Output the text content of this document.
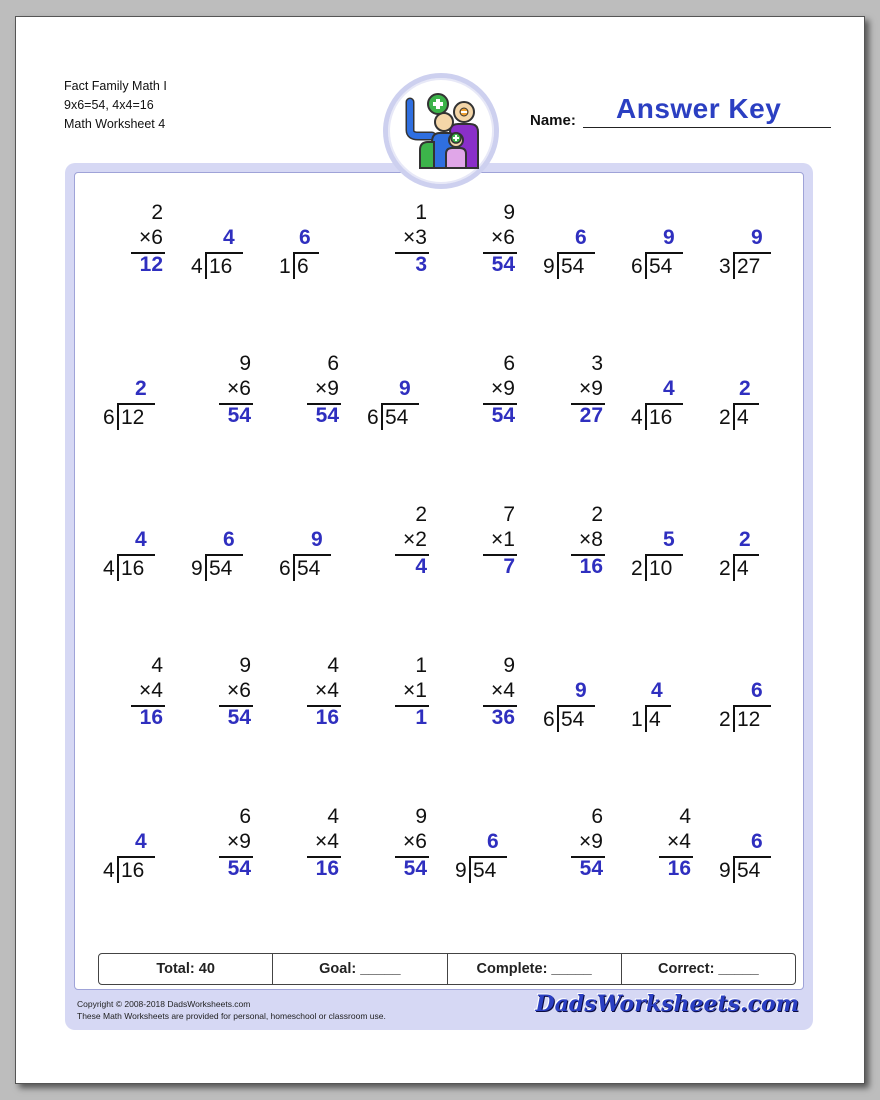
Fact Family Math I
9x6=54, 4x4=16
Math Worksheet 4	Name: Answer Key
2
×6
12
4
4 16
6
1 6
1
×3
3
9
×6
54
6
9 54
9
6 54
9
3 27
2
6 12
9
×6
54
6
×9
54
9
6 54
6
×9
54
3
×9
27
4
4 16
2
2 4
4
4 16
6
9 54
9
6 54
2
×2
4
7
×1
7
2
×8
16
5
2 10
2
2 4
4
×4
16
9
×6
54
4
×4
16
1
×1
1
9
×4
36
9
6 54
4
1 4
6
2 12
4
4 16
6
×9
54
4
×4
16
9
×6
54
6
9 54
6
×9
54
4
×4
16
6
9 54
Total: 40	Goal: _____	Complete: _____	Correct: _____
Copyright © 2008-2018 DadsWorksheets.com
These Math Worksheets are provided for personal, homeschool or classroom use.	DadsWorksheets.com
